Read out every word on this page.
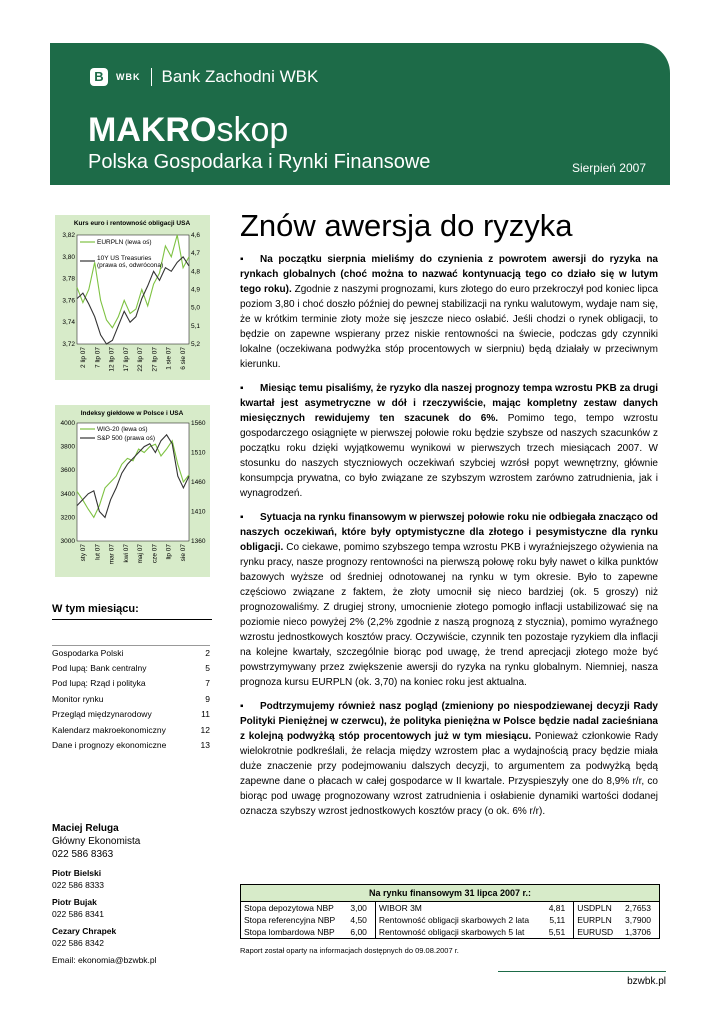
B	WBK Bank Zachodni WBK
MAKROskop
Polska Gospodarka i Rynki Finansowe	Sierpień 2007
Kurs euro i rentowność obligacji USA
3,82
3,80
3,78
3,76
3,74
3,72
4,6
4,7
4,8
4,9
5,0
5,1
5,2
2 lip 07 7 lip 07 12 lip 07 17 lip 07 22 lip 07 27 lip 07 1 sie 07 6 sie 07
EURPLN (lewa oś)
10Y US Treasuries
(prawa oś, odwrócona)
Indeksy giełdowe w Polsce i USA
4000
3800
3600
3400
3200
3000
1560
1510
1460
1410
1360
sty 07 lut 07 mar 07 kwi 07 maj 07 cze 07 lip 07 sie 07
WIG-20 (lewa oś)
S&P 500 (prawa oś)
W tym miesiącu:
Gospodarka Polski	2
Pod lupą: Bank centralny	5
Pod lupą: Rząd i polityka	7
Monitor rynku	9
Przegląd międzynarodowy	11
Kalendarz makroekonomiczny	12
Dane i prognozy ekonomiczne	13
Maciej Reluga
Główny Ekonomista
022 586 8363
Piotr Bielski
022 586 8333
Piotr Bujak
022 586 8341
Cezary Chrapek
022 586 8342
Email: ekonomia@bzwbk.pl
Znów awersja do ryzyka

▪ Na początku sierpnia mieliśmy do czynienia z powrotem awersji do ryzyka na rynkach globalnych (choć można to nazwać kontynuacją tego co działo się w lutym tego roku). Zgodnie z naszymi prognozami, kurs złotego do euro przekroczył pod koniec lipca poziom 3,80 i choć doszło później do pewnej stabilizacji na rynku walutowym, wydaje nam się, że w krótkim terminie złoty może się jeszcze nieco osłabić. Jeśli chodzi o rynek obligacji, to będzie on zapewne wspierany przez niskie rentowności na świecie, podczas gdy czynniki lokalne (oczekiwana podwyżka stóp procentowych w sierpniu) będą działały w przeciwnym kierunku.

▪ Miesiąc temu pisaliśmy, że ryzyko dla naszej prognozy tempa wzrostu PKB za drugi kwartał jest asymetryczne w dół i rzeczywiście, mając kompletny zestaw danych miesięcznych rewidujemy ten szacunek do 6%. Pomimo tego, tempo wzrostu gospodarczego osiągnięte w pierwszej połowie roku będzie szybsze od naszych szacunków z początku roku dzięki wyjątkowemu wynikowi w pierwszych trzech miesiącach 2007. W stosunku do naszych styczniowych oczekiwań szybciej wzrósł popyt wewnętrzny, głównie konsumpcja prywatna, co było związane ze szybszym wzrostem zarówno zatrudnienia, jak i wynagrodzeń.

▪ Sytuacja na rynku finansowym w pierwszej połowie roku nie odbiegała znacząco od naszych oczekiwań, które były optymistyczne dla złotego i pesymistyczne dla rynku obligacji. Co ciekawe, pomimo szybszego tempa wzrostu PKB i wyraźniejszego ożywienia na rynku pracy, nasze prognozy rentowności na pierwszą połowę roku były nawet o kilka punktów bazowych wyższe od średniej odnotowanej na rynku w tym okresie. Było to zapewne częściowo związane z faktem, że złoty umocnił się nieco bardziej (ok. 5 groszy) niż prognozowaliśmy. Z drugiej strony, umocnienie złotego pomogło inflacji ustabilizować się na poziomie nieco powyżej 2% (2,2% zgodnie z naszą prognozą z stycznia), pomimo wyraźnego wzrostu jednostkowych kosztów pracy. Oczywiście, czynnik ten pozostaje ryzykiem dla inflacji na kolejne kwartały, szczególnie biorąc pod uwagę, że trend aprecjacji złotego może być powstrzymywany przez zwiększenie awersji do ryzyka na rynku globalnym. Niemniej, nasza prognoza kursu EURPLN (ok. 3,70) na koniec roku jest aktualna.

▪ Podtrzymujemy również nasz pogląd (zmieniony po niespodziewanej decyzji Rady Polityki Pieniężnej w czerwcu), że polityka pieniężna w Polsce będzie nadal zacieśniana z kolejną podwyżką stóp procentowych już w tym miesiącu. Ponieważ członkowie Rady wielokrotnie podkreślali, że relacja między wzrostem płac a wydajnością pracy będzie miała duże znaczenie przy podejmowaniu dalszych decyzji, to argumentem za podwyżką będą zapewne dane o płacach w całej gospodarce w II kwartale. Przyspieszyły one do 8,9% r/r, co biorąc pod uwagę prognozowany wzrost zatrudnienia i osłabienie dynamiki wartości dodanej oznacza szybszy wzrost jednostkowych kosztów pracy (o ok. 6% r/r).

Na rynku finansowym 31 lipca 2007 r.:
Stopa depozytowa NBP	3,00	WIBOR 3M	4,81	USDPLN	2,7653
Stopa referencyjna NBP	4,50	Rentowność obligacji skarbowych 2 lata	5,11	EURPLN	3,7900
Stopa lombardowa NBP	6,00	Rentowność obligacji skarbowych 5 lat	5,51	EURUSD	1,3706
Raport został oparty na informacjach dostępnych do 09.08.2007 r.
bzwbk.pl
